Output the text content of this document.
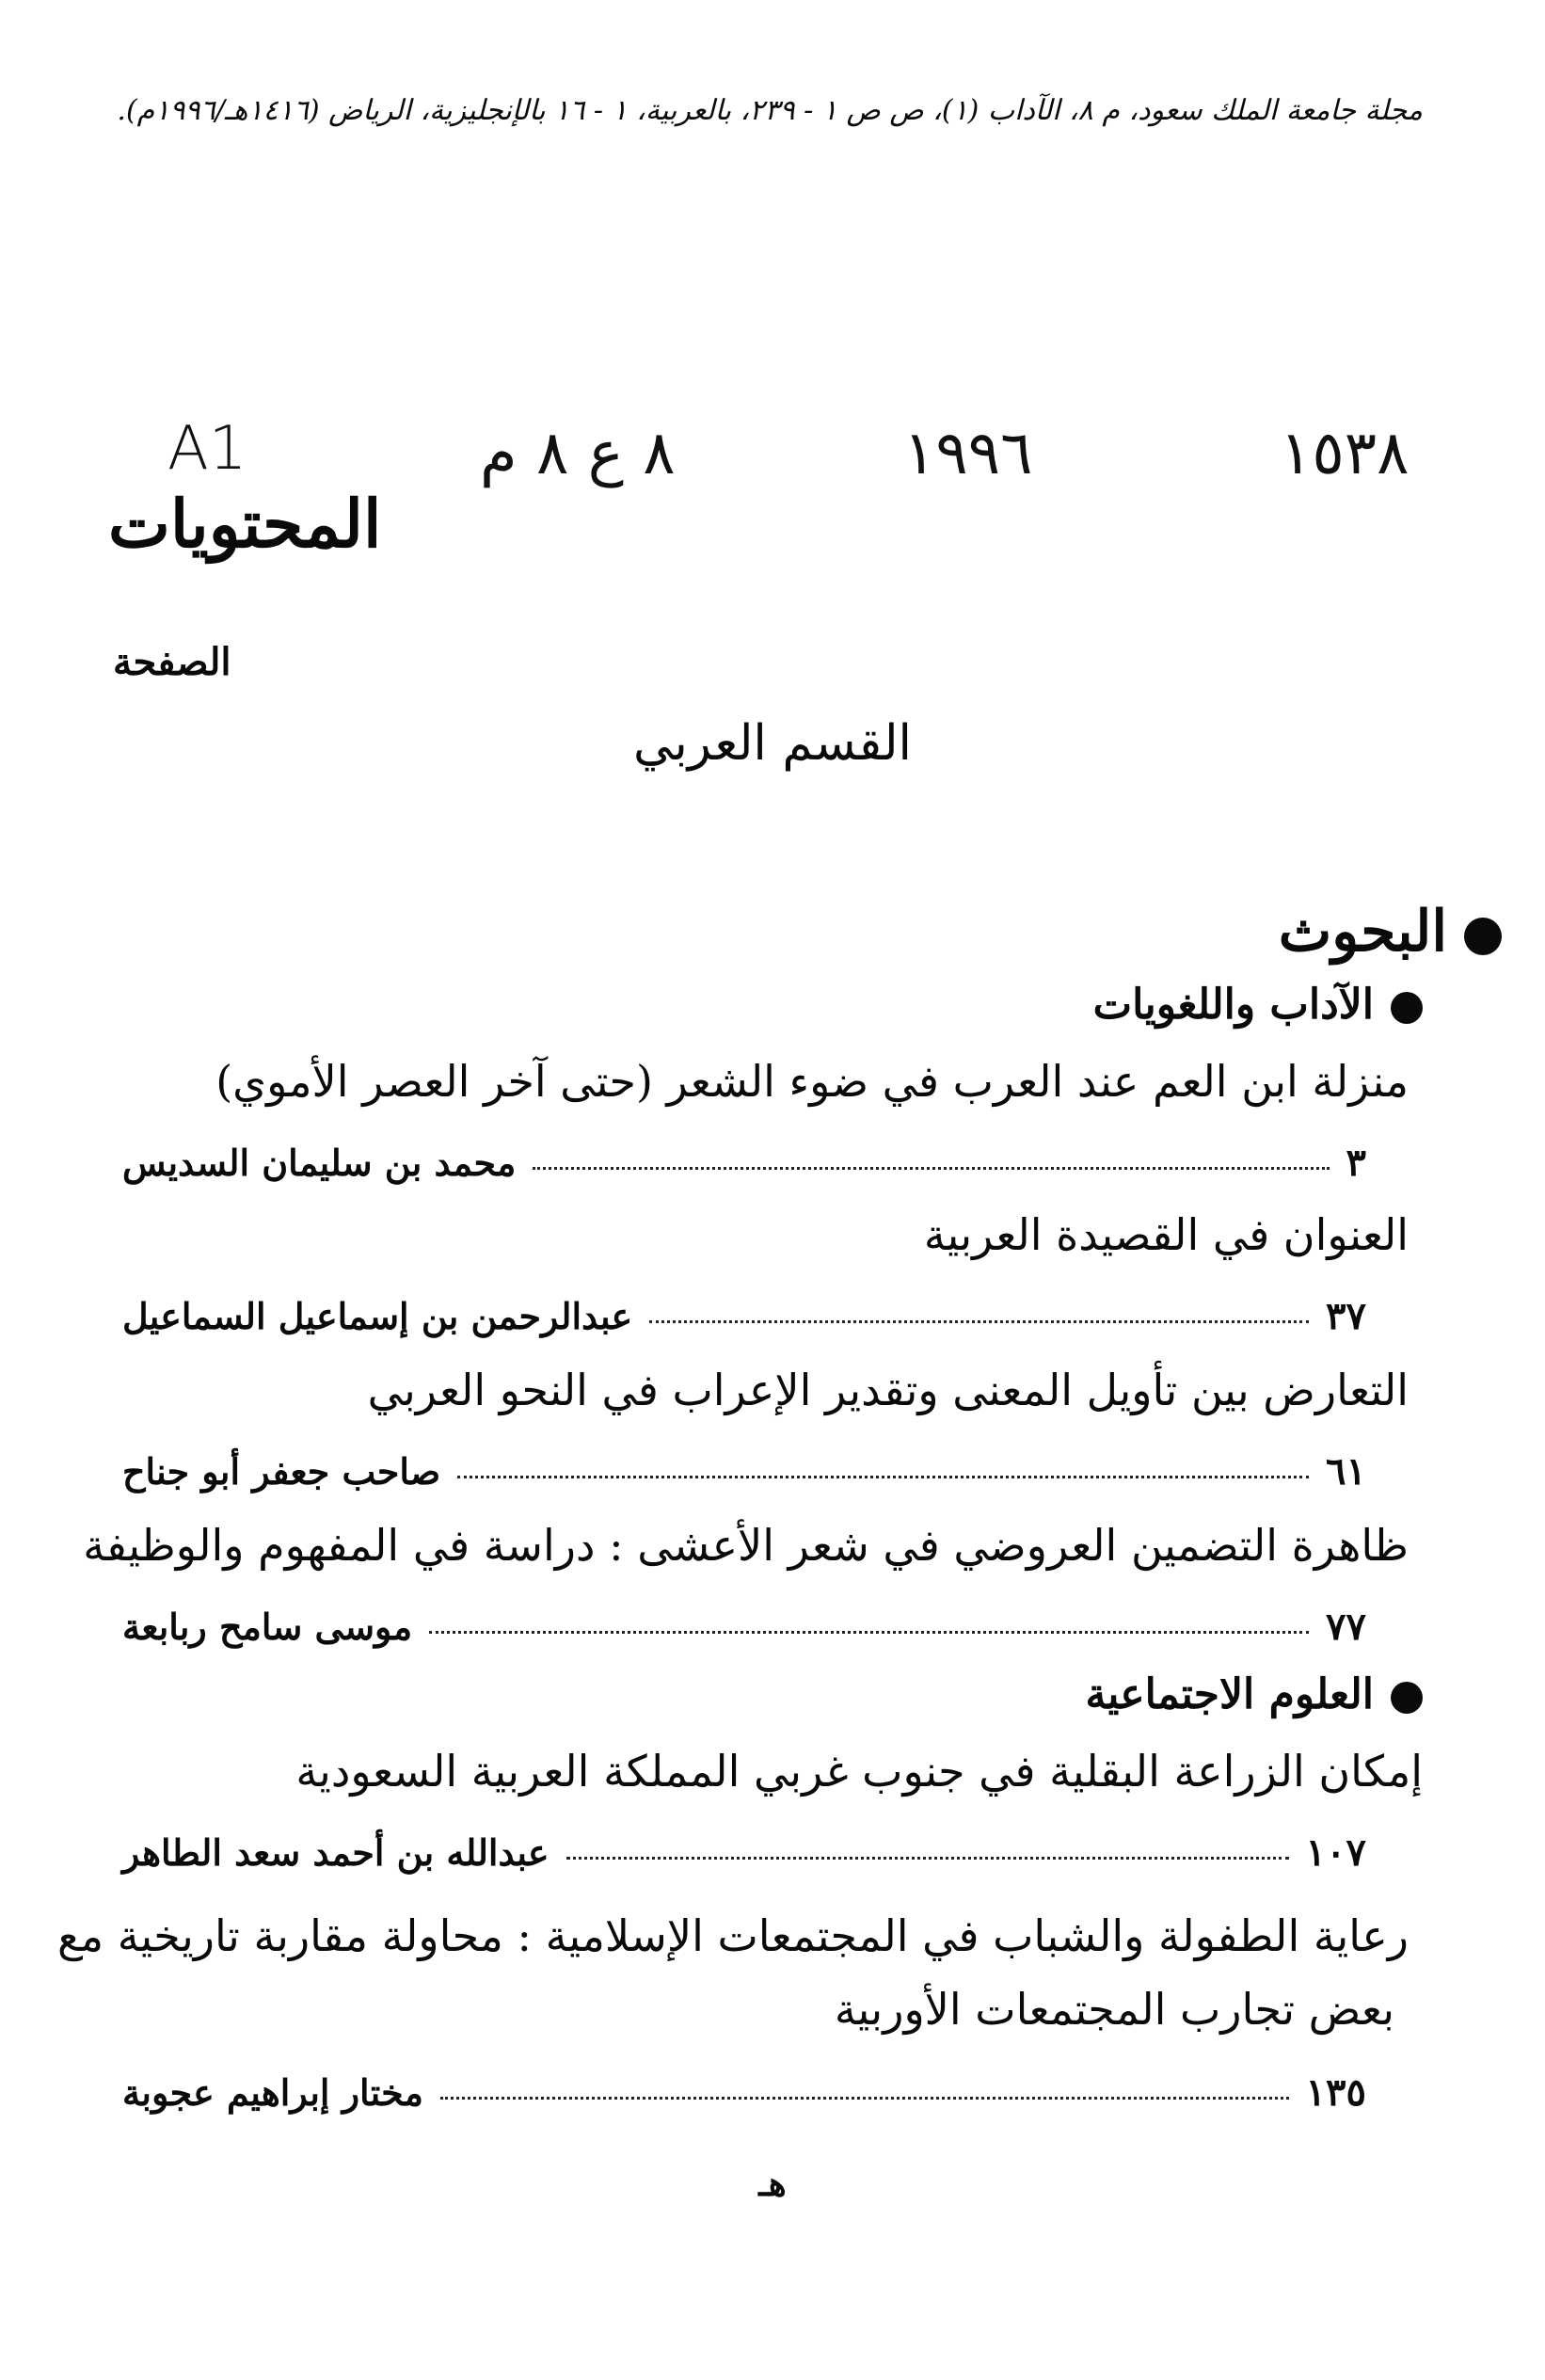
مجلة جامعة الملك سعود، م ٨، الآداب (١)، ص ص ١ - ٢٣٩، بالعربية، ١ - ١٦ بالإنجليزية، الرياض (١٤١٦هـ/١٩٩٦م).
A1	٨ ع ٨ م	١٩٩٦	١٥٣٨
المحتويات
الصفحة
القسم العربي
البحوث
الآداب واللغويات
منزلة ابن العم عند العرب في ضوء الشعر (حتى آخر العصر الأموي)
محمد بن سليمان السديس	٣
العنوان في القصيدة العربية
عبدالرحمن بن إسماعيل السماعيل	٣٧
التعارض بين تأويل المعنى وتقدير الإعراب في النحو العربي
صاحب جعفر أبو جناح	٦١
ظاهرة التضمين العروضي في شعر الأعشى : دراسة في المفهوم والوظيفة
موسى سامح ربابعة	٧٧
العلوم الاجتماعية
إمكان الزراعة البقلية في جنوب غربي المملكة العربية السعودية
عبدالله بن أحمد سعد الطاهر	١٠٧
رعاية الطفولة والشباب في المجتمعات الإسلامية : محاولة مقاربة تاريخية مع
بعض تجارب المجتمعات الأوربية
مختار إبراهيم عجوبة	١٣٥
هـ
